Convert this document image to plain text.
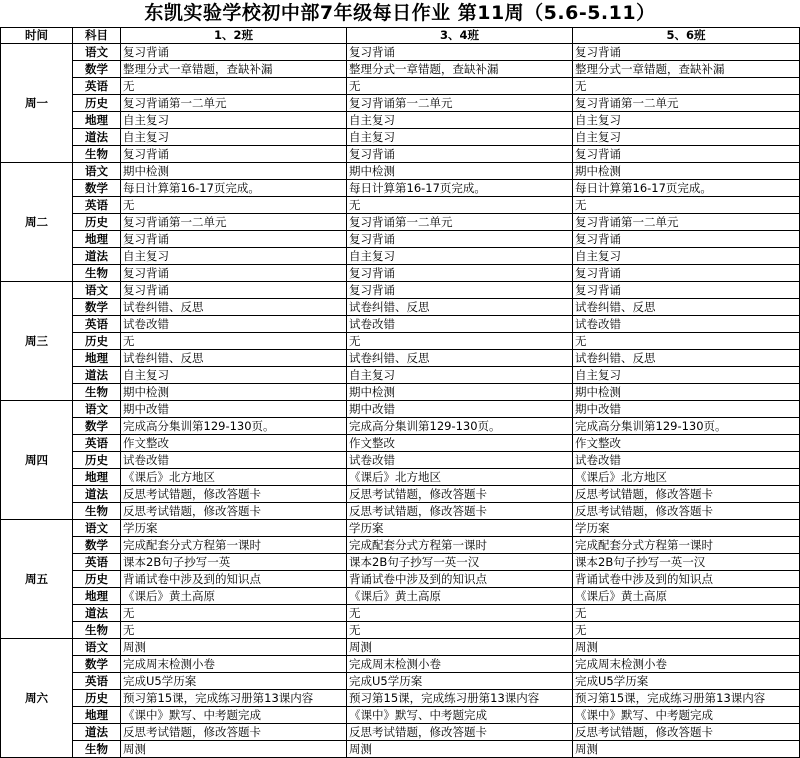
东凯实验学校初中部7年级每日作业 第11周（5.6-5.11）
时间	科目	1、2班	3、4班	5、6班
周一	语文	复习背诵	复习背诵	复习背诵
	数学	整理分式一章错题，查缺补漏	整理分式一章错题，查缺补漏	整理分式一章错题，查缺补漏
	英语	无	无	无
	历史	复习背诵第一二单元	复习背诵第一二单元	复习背诵第一二单元
	地理	自主复习	自主复习	自主复习
	道法	自主复习	自主复习	自主复习
	生物	复习背诵	复习背诵	复习背诵
周二	语文	期中检测	期中检测	期中检测
	数学	每日计算第16-17页完成。	每日计算第16-17页完成。	每日计算第16-17页完成。
	英语	无	无	无
	历史	复习背诵第一二单元	复习背诵第一二单元	复习背诵第一二单元
	地理	复习背诵	复习背诵	复习背诵
	道法	自主复习	自主复习	自主复习
	生物	复习背诵	复习背诵	复习背诵
周三	语文	复习背诵	复习背诵	复习背诵
	数学	试卷纠错、反思	试卷纠错、反思	试卷纠错、反思
	英语	试卷改错	试卷改错	试卷改错
	历史	无	无	无
	地理	试卷纠错、反思	试卷纠错、反思	试卷纠错、反思
	道法	自主复习	自主复习	自主复习
	生物	期中检测	期中检测	期中检测
周四	语文	期中改错	期中改错	期中改错
	数学	完成高分集训第129-130页。	完成高分集训第129-130页。	完成高分集训第129-130页。
	英语	作文整改	作文整改	作文整改
	历史	试卷改错	试卷改错	试卷改错
	地理	《课后》北方地区	《课后》北方地区	《课后》北方地区
	道法	反思考试错题，修改答题卡	反思考试错题，修改答题卡	反思考试错题，修改答题卡
	生物	反思考试错题，修改答题卡	反思考试错题，修改答题卡	反思考试错题，修改答题卡
周五	语文	学历案	学历案	学历案
	数学	完成配套分式方程第一课时	完成配套分式方程第一课时	完成配套分式方程第一课时
	英语	课本2B句子抄写一英	课本2B句子抄写一英一汉	课本2B句子抄写一英一汉
	历史	背诵试卷中涉及到的知识点	背诵试卷中涉及到的知识点	背诵试卷中涉及到的知识点
	地理	《课后》黄土高原	《课后》黄土高原	《课后》黄土高原
	道法	无	无	无
	生物	无	无	无
周六	语文	周测	周测	周测
	数学	完成周末检测小卷	完成周末检测小卷	完成周末检测小卷
	英语	完成U5学历案	完成U5学历案	完成U5学历案
	历史	预习第15课，完成练习册第13课内容	预习第15课，完成练习册第13课内容	预习第15课，完成练习册第13课内容
	地理	《课中》默写、中考题完成	《课中》默写、中考题完成	《课中》默写、中考题完成
	道法	反思考试错题，修改答题卡	反思考试错题，修改答题卡	反思考试错题，修改答题卡
	生物	周测	周测	周测
